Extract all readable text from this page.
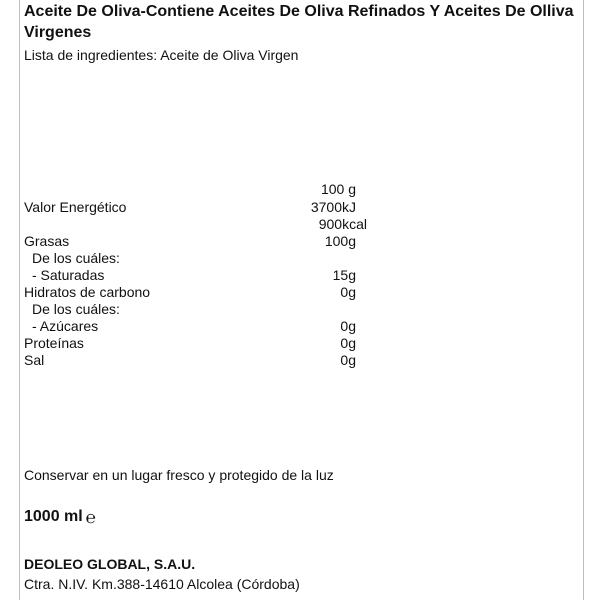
Aceite De Oliva-Contiene Aceites De Oliva Refinados Y Aceites De Olliva Virgenes
Lista de ingredientes: Aceite de Oliva Virgen
100 g
Valor Energético	3700kJ
900kcal
Grasas	100g
De los cuáles:
- Saturadas	15g
Hidratos de carbono	0g
De los cuáles:
- Azúcares	0g
Proteínas	0g
Sal	0g
Conservar en un lugar fresco y protegido de la luz
1000 ml ℮
DEOLEO GLOBAL, S.A.U.
Ctra. N.IV. Km.388-14610 Alcolea (Córdoba)
